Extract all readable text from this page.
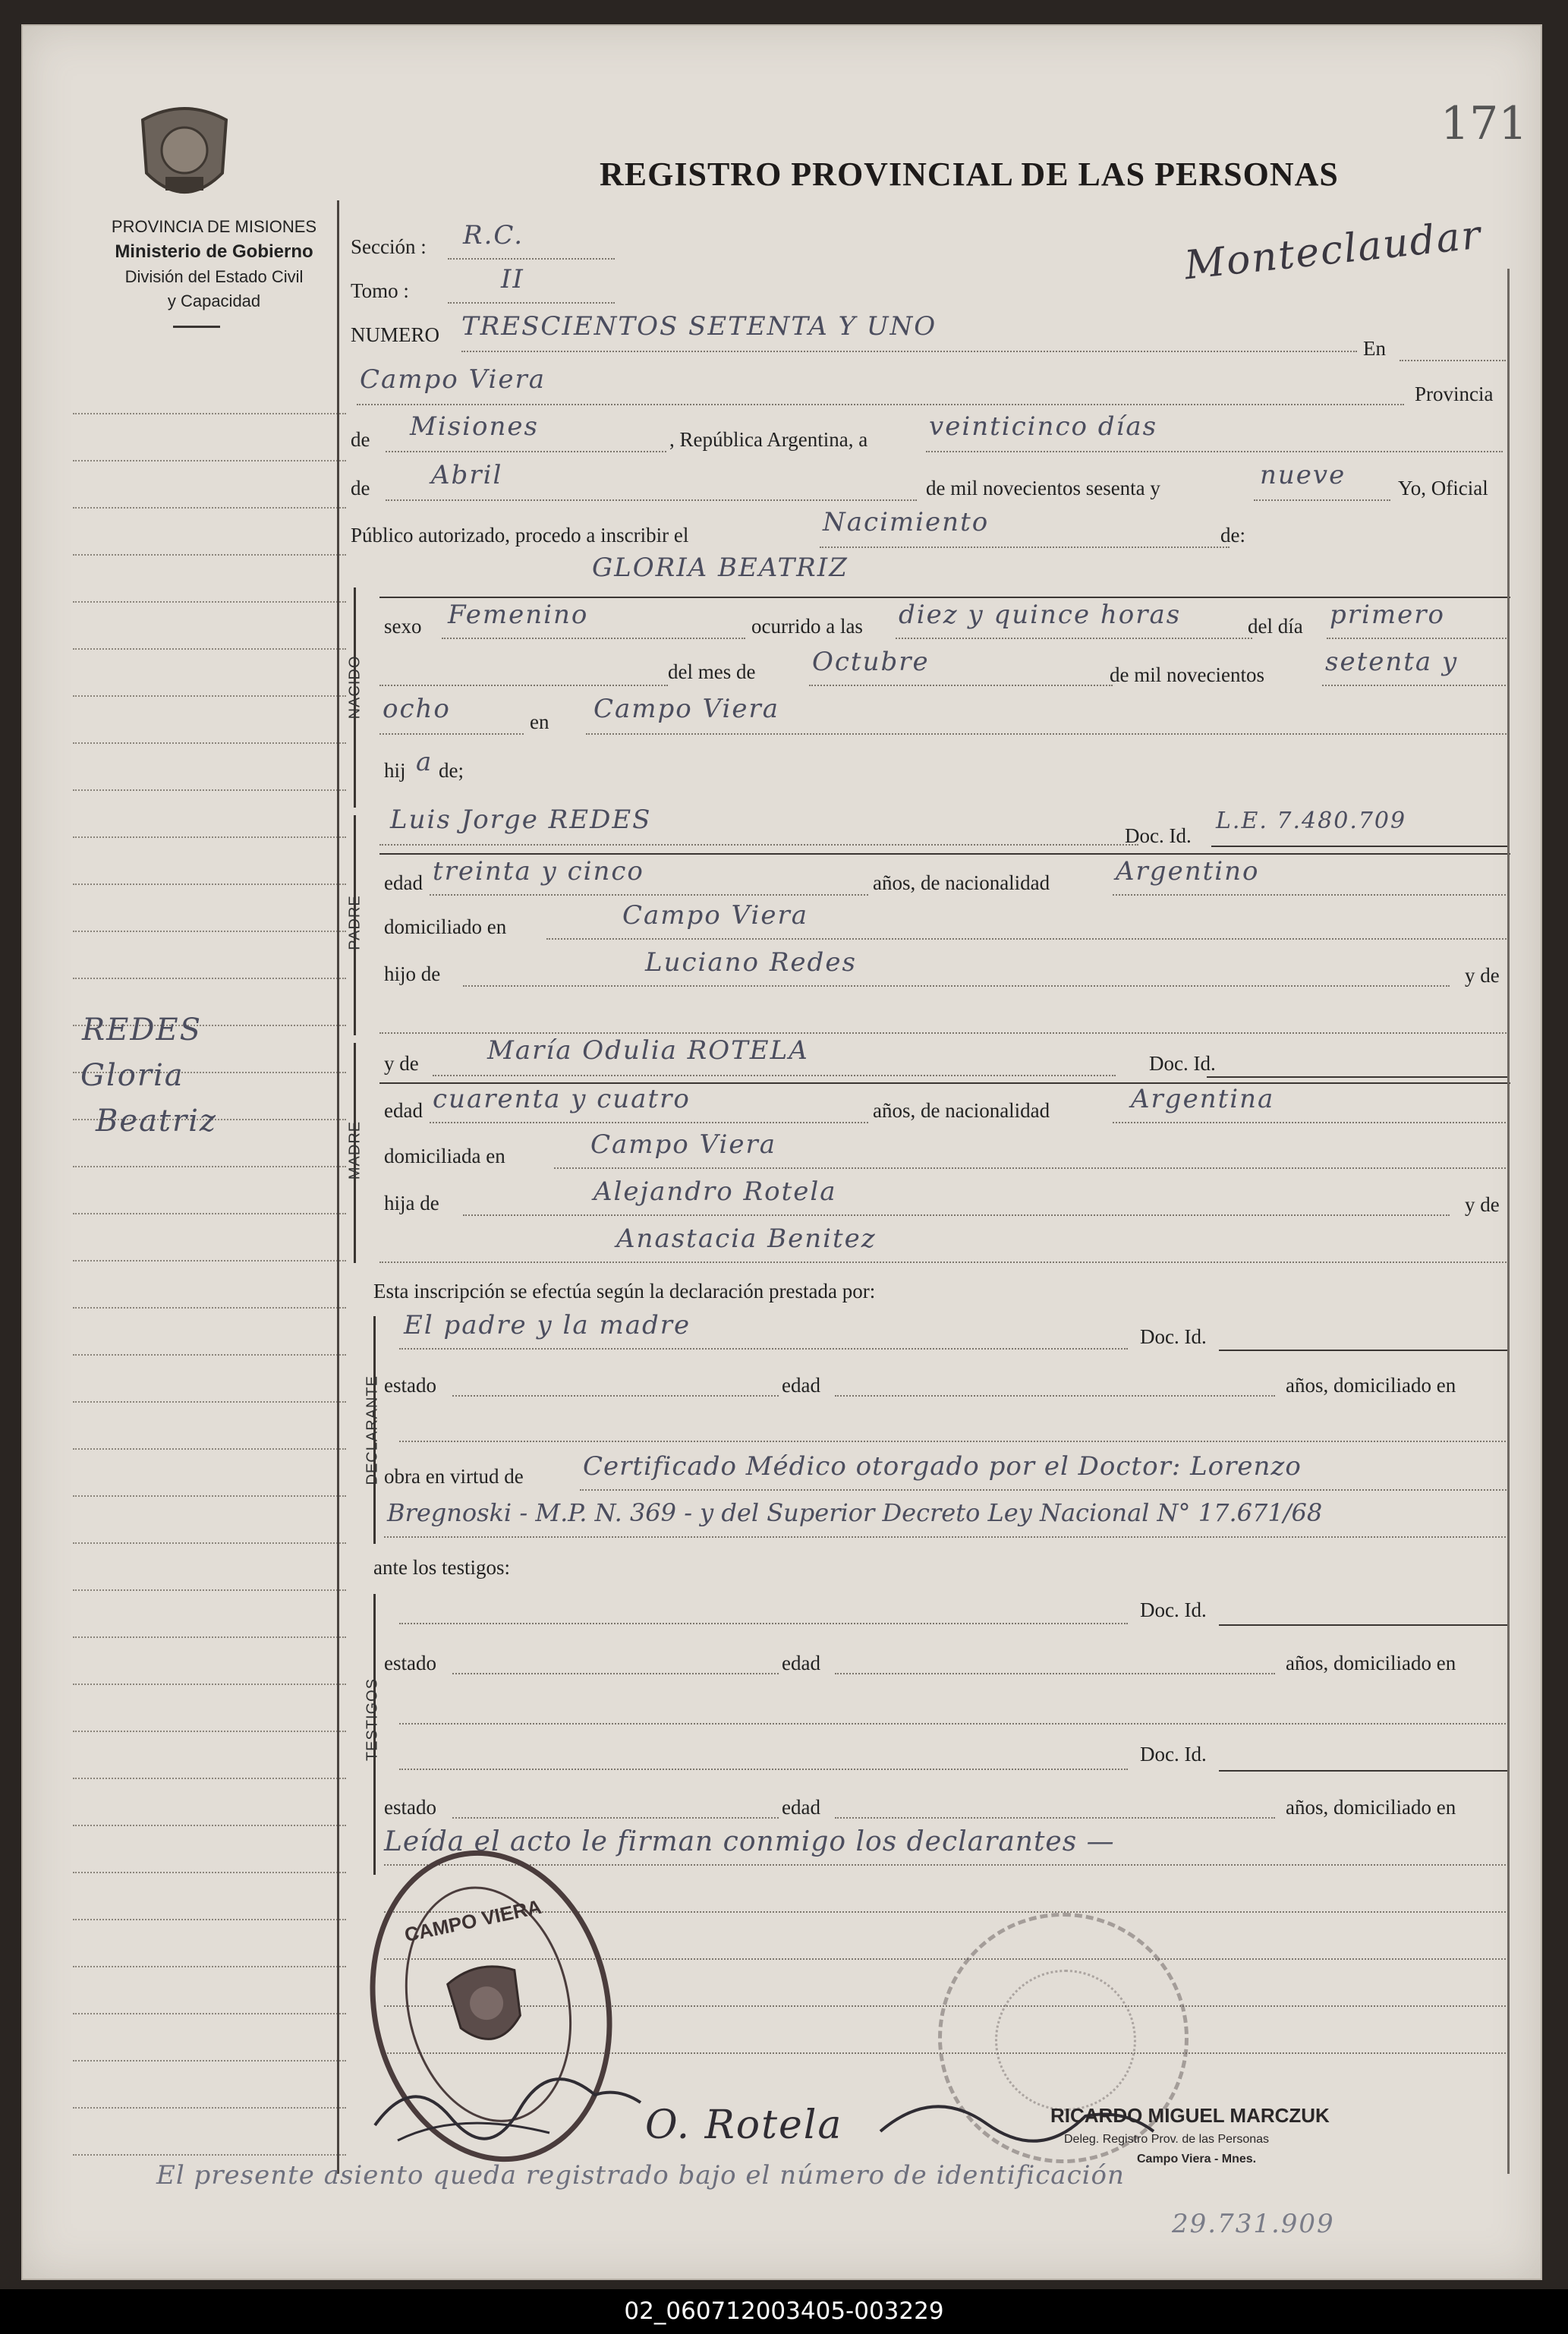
PROVINCIA DE MISIONES
Ministerio de Gobierno
División del Estado Civil
y Capacidad
171
REGISTRO PROVINCIAL DE LAS PERSONAS
Monteclaudar
REDES
Gloria
Beatriz
Sección : R.C.
Tomo :	II
NUMERO TRESCIENTOS SETENTA Y UNO
En
Campo Viera	Provincia
de Misiones	, República Argentina, a veinticinco días
de Abril	de mil novecientos sesenta y	nueve	Yo, Oficial
Público autorizado, procedo a inscribir el	Nacimiento	de:
NACIDO
GLORIA BEATRIZ
sexo Femenino	ocurrido a las diez y quince horas	del día primero
del mes de Octubre	de mil novecientos setenta y
ocho	en Campo Viera
hij a de;
PADRE
Luis Jorge REDES
Doc. Id.
L.E. 7.480.709
edad treinta y cinco	años, de nacionalidad	Argentino
domiciliado en	Campo Viera
hijo de	Luciano Redes	y de
MADRE
y de	María Odulia ROTELA	Doc. Id.
edad cuarenta y cuatro	años, de nacionalidad	Argentina
domiciliada en	Campo Viera
hija de	Alejandro Rotela	y de
Anastacia Benitez
Esta inscripción se efectúa según la declaración prestada por:
DECLARANTE
El padre y la madre	Doc. Id.
estado	edad	años, domiciliado en
obra en virtud de Certificado Médico otorgado por el Doctor: Lorenzo
Bregnoski - M.P. N. 369 - y del Superior Decreto Ley Nacional N° 17.671/68
ante los testigos:
TESTIGOS
Doc. Id.
estado	edad	años, domiciliado en
Doc. Id.
estado	edad	años, domiciliado en
Leída el acto le firman conmigo los declarantes —
CAMPO VIERA
O. Rotela	RICARDO MIGUEL MARCZUK
Deleg. Registro Prov. de las Personas
Campo Viera - Mnes.
El presente asiento queda registrado bajo el número de identificación
29.731.909
02_060712003405-003229
